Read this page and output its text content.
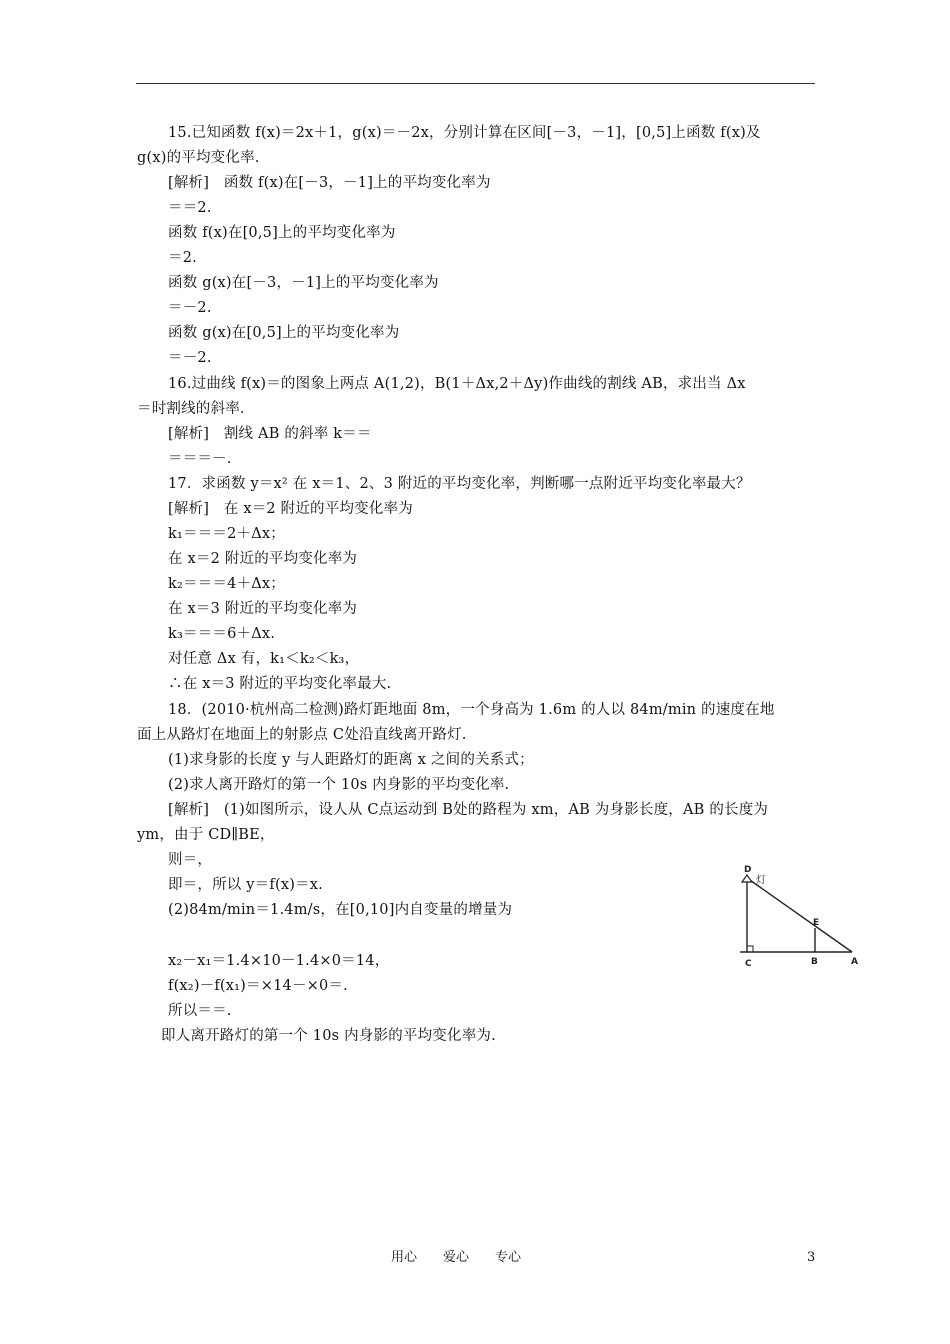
15.已知函数 f(x)＝2x＋1，g(x)＝－2x，分别计算在区间[－3，－1]，[0,5]上函数 f(x)及
g(x)的平均变化率.
[解析]　函数 f(x)在[－3，－1]上的平均变化率为
＝＝2.
函数 f(x)在[0,5]上的平均变化率为
＝2.
函数 g(x)在[－3，－1]上的平均变化率为
＝－2.
函数 g(x)在[0,5]上的平均变化率为
＝－2.
16.过曲线 f(x)＝的图象上两点 A(1,2)，B(1＋Δx,2＋Δy)作曲线的割线 AB，求出当 Δx
＝时割线的斜率.
[解析]　割线 AB 的斜率 k＝＝
＝＝＝－.
17．求函数 y＝x² 在 x＝1、2、3 附近的平均变化率，判断哪一点附近平均变化率最大？
[解析]　在 x＝2 附近的平均变化率为
k₁＝＝＝2＋Δx；
在 x＝2 附近的平均变化率为
k₂＝＝＝4＋Δx；
在 x＝3 附近的平均变化率为
k₃＝＝＝6＋Δx.
对任意 Δx 有，k₁＜k₂＜k₃，
∴在 x＝3 附近的平均变化率最大.
18．(2010·杭州高二检测)路灯距地面 8m，一个身高为 1.6m 的人以 84m/min 的速度在地
面上从路灯在地面上的射影点 C处沿直线离开路灯.
(1)求身影的长度 y 与人距路灯的距离 x 之间的关系式；
(2)求人离开路灯的第一个 10s 内身影的平均变化率.
[解析]　(1)如图所示，设人从 C点运动到 B处的路程为 xm，AB 为身影长度，AB 的长度为
ym，由于 CD∥BE，
则＝，
即＝，所以 y＝f(x)＝x.
(2)84m/min＝1.4m/s，在[0,10]内自变量的增量为
x₂－x₁＝1.4×10－1.4×0＝14，
f(x₂)－f(x₁)＝×14－×0＝.
所以＝＝.
即人离开路灯的第一个 10s 内身影的平均变化率为.
D
灯
E
C	B	A
用心　　爱心　　专心	3
